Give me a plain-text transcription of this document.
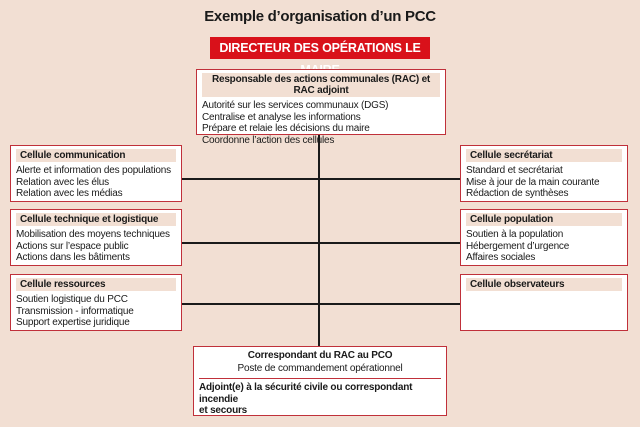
Exemple d’organisation d’un PCC
DIRECTEUR DES OPÉRATIONS LE
Responsable des actions communales (RAC) et RAC adjoint
Autorité sur les services communaux (DGS)
Centralise et analyse les informations
Prépare et relaie les décisions du maire
Coordonne l’action des cellules
Cellule communication
Alerte et information des populations
Relation avec les élus
Relation avec les médias
Cellule technique et logistique
Mobilisation des moyens techniques
Actions sur l’espace public
Actions dans les bâtiments
Cellule ressources
Soutien logistique du PCC
Transmission - informatique
Support expertise juridique
Cellule secrétariat
Standard et secrétariat
Mise à jour de la main courante
Rédaction de synthèses
Cellule population
Soutien à la population
Hébergement d’urgence
Affaires sociales
Cellule observateurs
Correspondant du RAC au PCO
Poste de commandement opérationnel
Adjoint(e) à la sécurité civile ou correspondant incendie
et secours
